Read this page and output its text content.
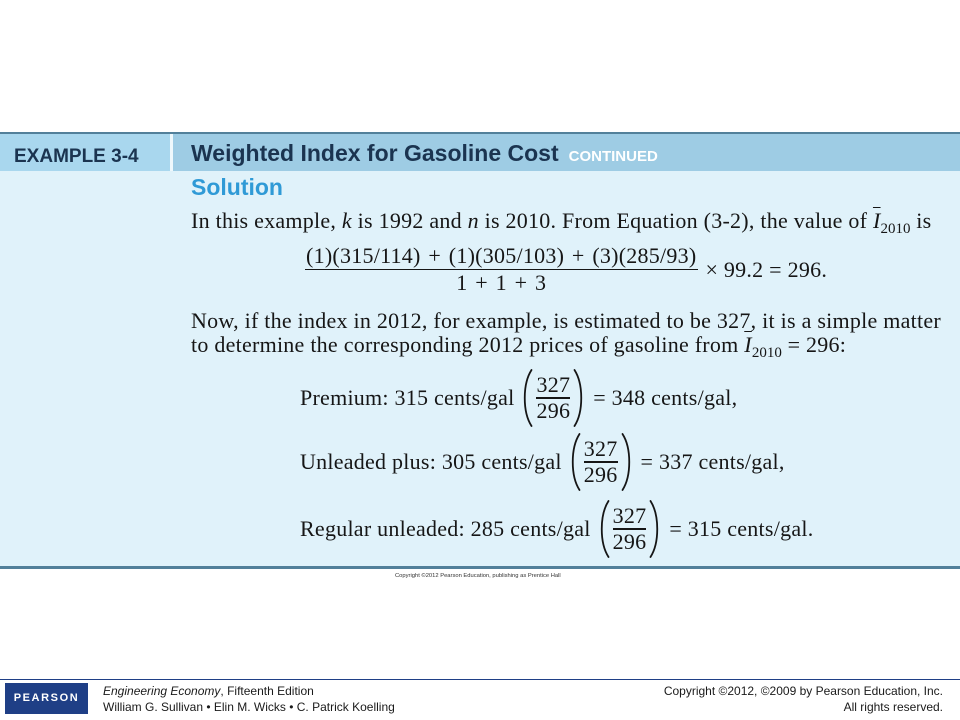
EXAMPLE 3-4 Weighted Index for Gasoline Cost CONTINUED
Solution

In this example, k is 1992 and n is 2010. From Equation (3-2), the value of $\overline{I}_{2010}$ is

$\frac{(1)(315/114) + (1)(305/103) + (3)(285/93)}{1 + 1 + 3} \times 99.2 = 296$.
Now, if the index in 2012, for example, is estimated to be 327, it is a simple matter
to determine the corresponding 2012 prices of gasoline from $\overline{I}_{2010} = 296$:
Premium: 315 cents/gal
327
296
= 348 cents/gal,
Unleaded plus: 305 cents/gal
327
296
= 337 cents/gal,
Regular unleaded: 285 cents/gal
327
296
= 315 cents/gal.
Copyright ©2012 Pearson Education, publishing as Prentice Hall
PEARSON Engineering Economy, Fifteenth Edition
William G. Sullivan • Elin M. Wicks • C. Patrick Koelling
Copyright ©2012, ©2009 by Pearson Education, Inc.
All rights reserved.
